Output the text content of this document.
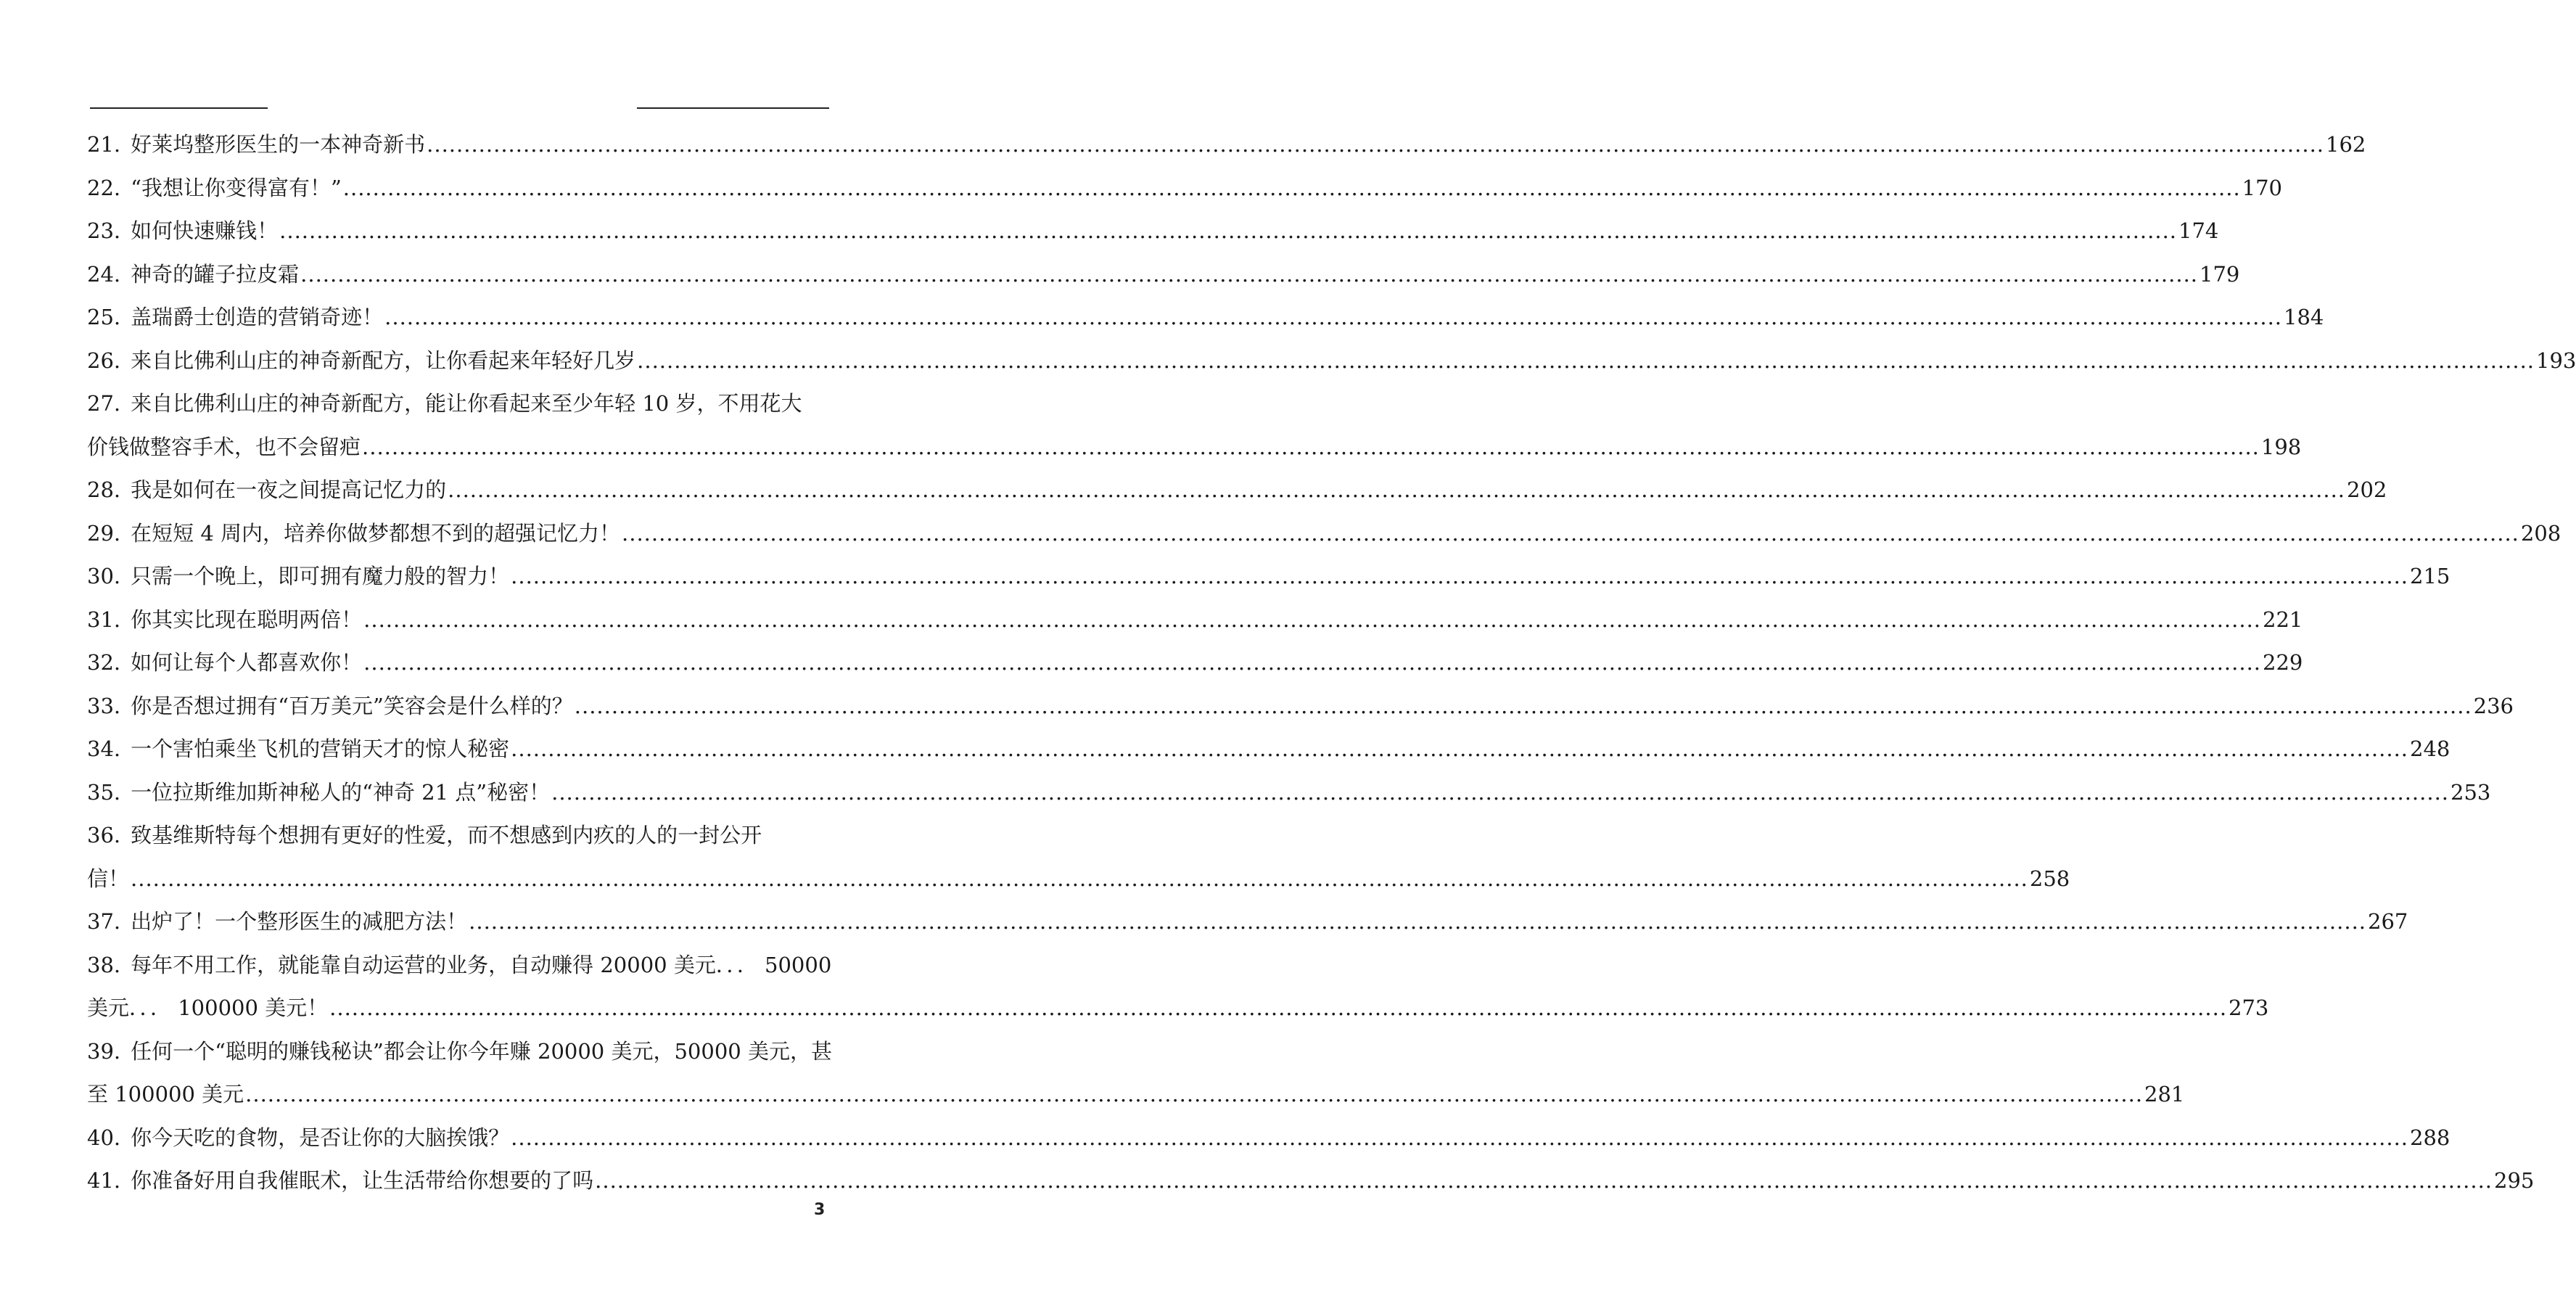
21. 好莱坞整形医生的一本神奇新书 .....	162
22. “我想让你变得富有！” .....	170
23. 如何快速赚钱！ .....	174
24. 神奇的罐子拉皮霜 .....	179
25. 盖瑞爵士创造的营销奇迹！ .....	184
26. 来自比佛利山庄的神奇新配方，让你看起来年轻好几岁 .....	193
27. 来自比佛利山庄的神奇新配方，能让你看起来至少年轻 10 岁，不用花大
价钱做整容手术，也不会留疤 .....	198
28. 我是如何在一夜之间提高记忆力的 .....	202
29. 在短短 4 周内，培养你做梦都想不到的超强记忆力！ .....	208
30. 只需一个晚上，即可拥有魔力般的智力！ .....	215
31. 你其实比现在聪明两倍！ .....	221
32. 如何让每个人都喜欢你！ .....	229
33. 你是否想过拥有“百万美元”笑容会是什么样的？ .....	236
34. 一个害怕乘坐飞机的营销天才的惊人秘密 .....	248
35. 一位拉斯维加斯神秘人的“神奇 21 点”秘密！ .....	253
36. 致基维斯特每个想拥有更好的性爱，而不想感到内疚的人的一封公开
信！ .....	258
37. 出炉了！一个整形医生的减肥方法！ .....	267
38. 每年不用工作，就能靠自动运营的业务，自动赚得 20000 美元．．． 50000
美元．．． 100000 美元！ .....	273
39. 任何一个“聪明的赚钱秘诀”都会让你今年赚 20000 美元，50000 美元，甚
至 100000 美元 .....	281
40. 你今天吃的食物，是否让你的大脑挨饿？ .....	288
41. 你准备好用自我催眠术，让生活带给你想要的了吗 .....	295
3
